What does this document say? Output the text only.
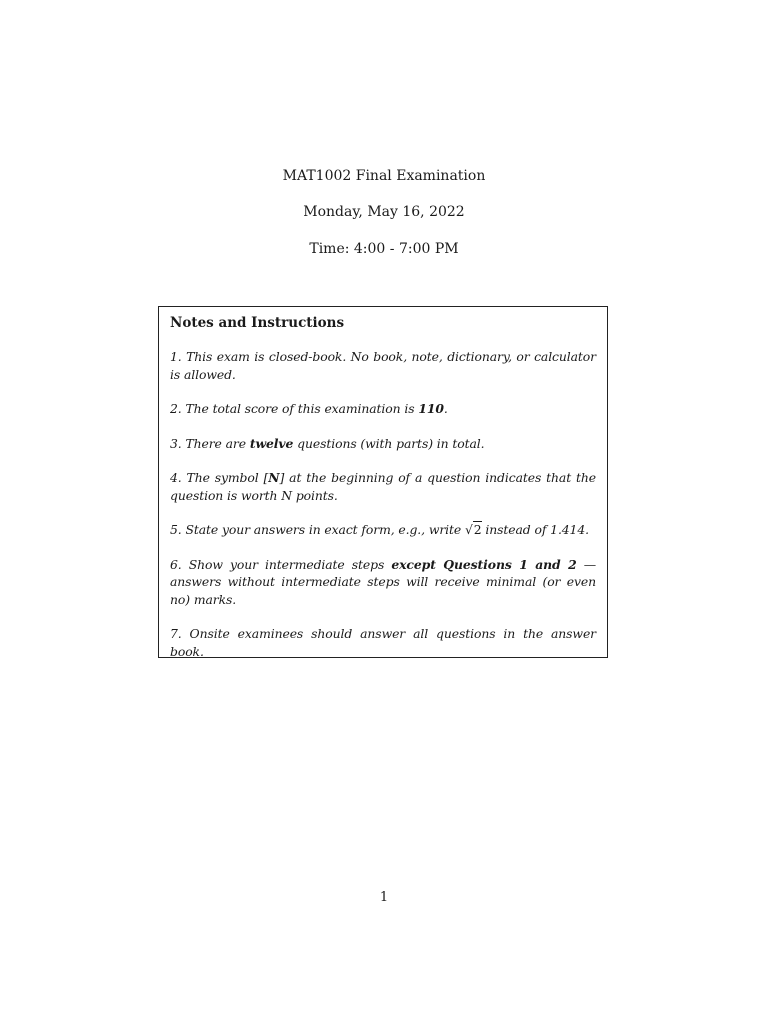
MAT1002 Final Examination
Monday, May 16, 2022
Time: 4:00 - 7:00 PM
Notes and Instructions

1. This exam is closed-book. No book, note, dictionary, or calculator is allowed.

2. The total score of this examination is 110.

3. There are twelve questions (with parts) in total.

4. The symbol [N] at the beginning of a question indicates that the question is worth N points.

5. State your answers in exact form, e.g., write √2 instead of 1.414.

6. Show your intermediate steps except Questions 1 and 2 — answers without intermediate steps will receive minimal (or even no) marks.

7. Onsite examinees should answer all questions in the answer book.

1
